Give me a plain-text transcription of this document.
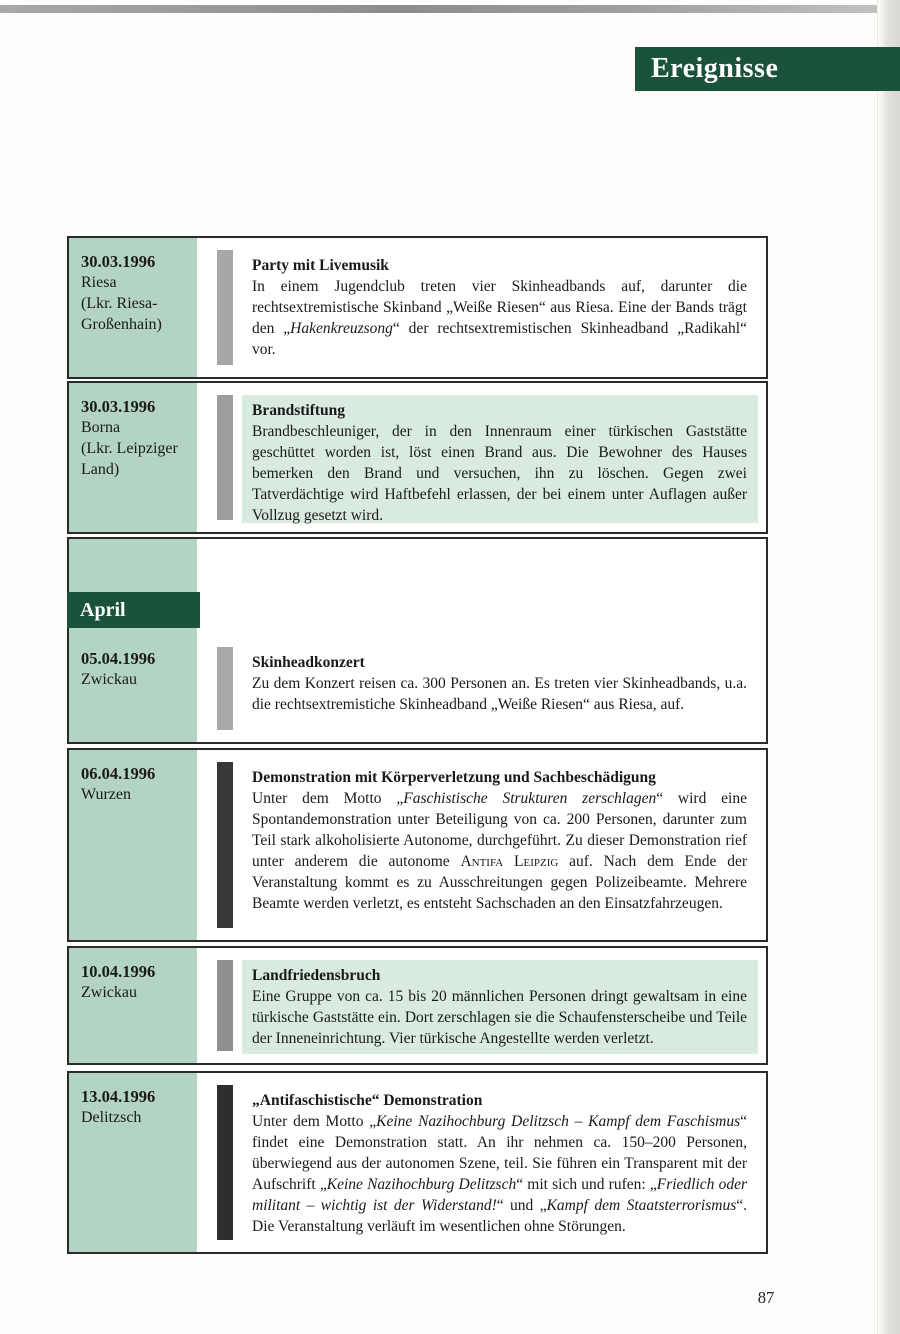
Ereignisse
30.03.1996
Riesa
(Lkr. Riesa-
Großenhain)
Party mit Livemusik
In einem Jugendclub treten vier Skinheadbands auf, darunter die rechtsextremistische Skinband „Weiße Riesen“ aus Riesa. Eine der Bands trägt den „Hakenkreuzsong“ der rechtsextremistischen Skinheadband „Radikahl“ vor.
30.03.1996
Borna
(Lkr. Leipziger
Land)
Brandstiftung
Brandbeschleuniger, der in den Innenraum einer türkischen Gaststätte geschüttet worden ist, löst einen Brand aus. Die Bewohner des Hauses bemerken den Brand und versuchen, ihn zu löschen. Gegen zwei Tatverdächtige wird Haftbefehl erlassen, der bei einem unter Auflagen außer Vollzug gesetzt wird.
April
05.04.1996
Zwickau
Skinheadkonzert
Zu dem Konzert reisen ca. 300 Personen an. Es treten vier Skinheadbands, u.a. die rechtsextremistiche Skinheadband „Weiße Riesen“ aus Riesa, auf.
06.04.1996
Wurzen
Demonstration mit Körperverletzung und Sachbeschädigung
Unter dem Motto „Faschistische Strukturen zerschlagen“ wird eine Spontandemonstration unter Beteiligung von ca. 200 Personen, darunter zum Teil stark alkoholisierte Autonome, durchgeführt. Zu dieser Demonstration rief unter anderem die autonome Antifa Leipzig auf. Nach dem Ende der Veranstaltung kommt es zu Ausschreitungen gegen Polizeibeamte. Mehrere Beamte werden verletzt, es entsteht Sachschaden an den Einsatzfahrzeugen.
10.04.1996
Zwickau
Landfriedensbruch
Eine Gruppe von ca. 15 bis 20 männlichen Personen dringt gewaltsam in eine türkische Gaststätte ein. Dort zerschlagen sie die Schaufensterscheibe und Teile der Inneneinrichtung. Vier türkische Angestellte werden verletzt.
13.04.1996
Delitzsch
„Antifaschistische“ Demonstration
Unter dem Motto „Keine Nazihochburg Delitzsch – Kampf dem Faschismus“ findet eine Demonstration statt. An ihr nehmen ca. 150–200 Personen, überwiegend aus der autonomen Szene, teil. Sie führen ein Transparent mit der Aufschrift „Keine Nazihochburg Delitzsch“ mit sich und rufen: „Friedlich oder militant – wichtig ist der Widerstand!“ und „Kampf dem Staatsterrorismus“. Die Veranstaltung verläuft im wesentlichen ohne Störungen.
87
